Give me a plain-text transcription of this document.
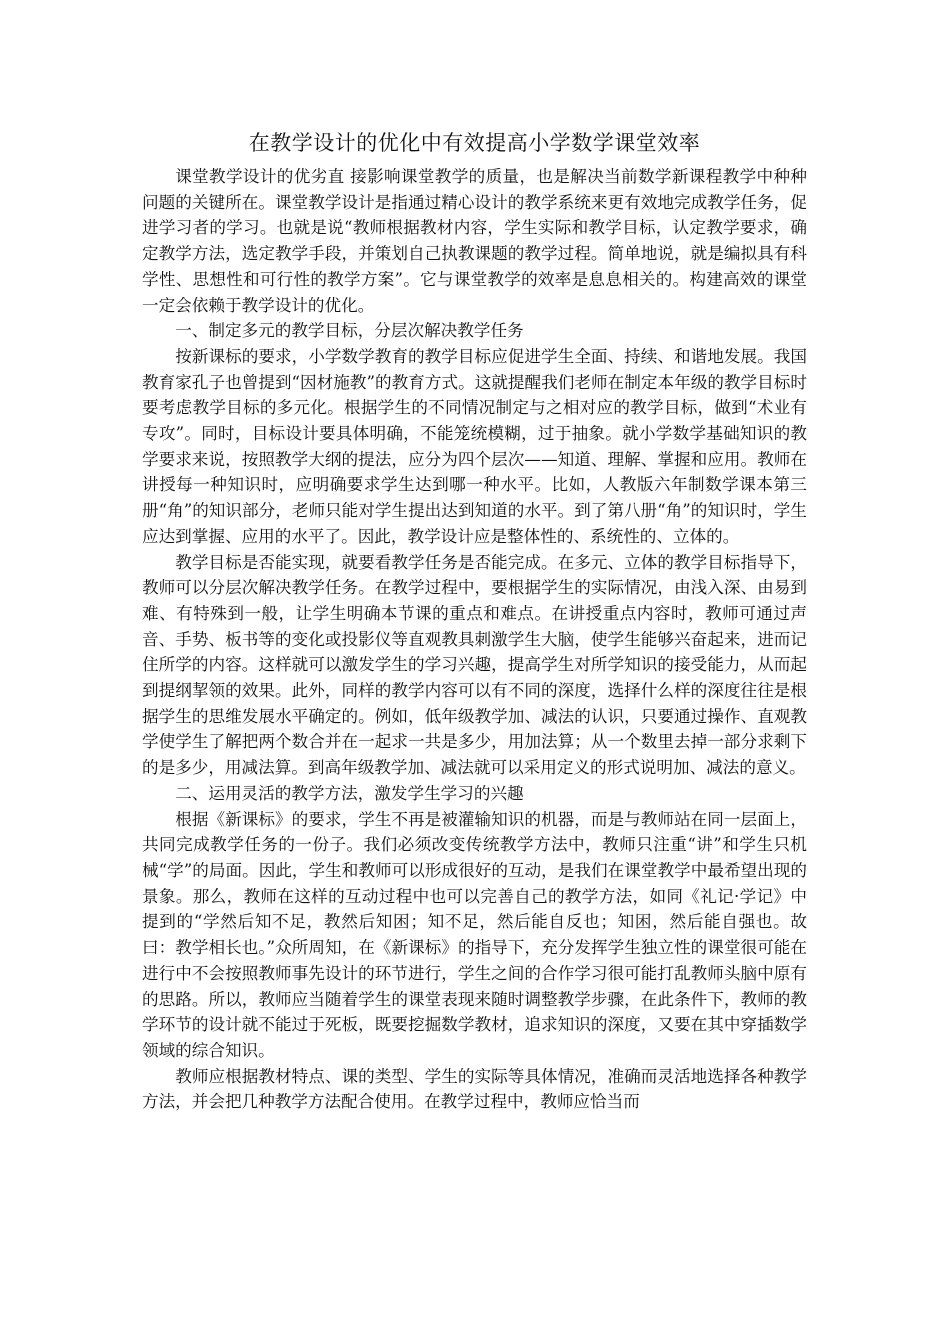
在教学设计的优化中有效提高小学数学课堂效率

课堂教学设计的优劣直 接影响课堂教学的质量，也是解决当前数学新课程教学中种种问题的关键所在。课堂教学设计是指通过精心设计的教学系统来更有效地完成教学任务，促进学习者的学习。也就是说“教师根据教材内容，学生实际和教学目标，认定教学要求，确定教学方法，选定教学手段，并策划自己执教课题的教学过程。简单地说，就是编拟具有科学性、思想性和可行性的教学方案”。它与课堂教学的效率是息息相关的。构建高效的课堂一定会依赖于教学设计的优化。

一、制定多元的教学目标，分层次解决教学任务

按新课标的要求，小学数学教育的教学目标应促进学生全面、持续、和谐地发展。我国教育家孔子也曾提到“因材施教”的教育方式。这就提醒我们老师在制定本年级的教学目标时要考虑教学目标的多元化。根据学生的不同情况制定与之相对应的教学目标，做到“术业有专攻”。同时，目标设计要具体明确，不能笼统模糊，过于抽象。就小学数学基础知识的教学要求来说，按照教学大纲的提法，应分为四个层次——知道、理解、掌握和应用。教师在讲授每一种知识时，应明确要求学生达到哪一种水平。比如，人教版六年制数学课本第三册“角”的知识部分，老师只能对学生提出达到知道的水平。到了第八册“角”的知识时，学生应达到掌握、应用的水平了。因此，教学设计应是整体性的、系统性的、立体的。

教学目标是否能实现，就要看教学任务是否能完成。在多元、立体的教学目标指导下，教师可以分层次解决教学任务。在教学过程中，要根据学生的实际情况，由浅入深、由易到难、有特殊到一般，让学生明确本节课的重点和难点。在讲授重点内容时，教师可通过声音、手势、板书等的变化或投影仪等直观教具刺激学生大脑，使学生能够兴奋起来，进而记住所学的内容。这样就可以激发学生的学习兴趣，提高学生对所学知识的接受能力，从而起到提纲挈领的效果。此外，同样的教学内容可以有不同的深度，选择什么样的深度往往是根据学生的思维发展水平确定的。例如，低年级教学加、减法的认识，只要通过操作、直观教学使学生了解把两个数合并在一起求一共是多少，用加法算；从一个数里去掉一部分求剩下的是多少，用减法算。到高年级教学加、减法就可以采用定义的形式说明加、减法的意义。

二、运用灵活的教学方法，激发学生学习的兴趣

根据《新课标》的要求，学生不再是被灌输知识的机器，而是与教师站在同一层面上，共同完成教学任务的一份子。我们必须改变传统教学方法中，教师只注重“讲”和学生只机械“学”的局面。因此，学生和教师可以形成很好的互动，是我们在课堂教学中最希望出现的景象。那么，教师在这样的互动过程中也可以完善自己的教学方法，如同《礼记·学记》中提到的“学然后知不足，教然后知困；知不足，然后能自反也；知困，然后能自强也。故曰：教学相长也。”众所周知，在《新课标》的指导下，充分发挥学生独立性的课堂很可能在进行中不会按照教师事先设计的环节进行，学生之间的合作学习很可能打乱教师头脑中原有的思路。所以，教师应当随着学生的课堂表现来随时调整教学步骤，在此条件下，教师的教学环节的设计就不能过于死板，既要挖掘数学教材，追求知识的深度，又要在其中穿插数学领域的综合知识。

教师应根据教材特点、课的类型、学生的实际等具体情况，准确而灵活地选择各种教学方法，并会把几种教学方法配合使用。在教学过程中，教师应恰当而
